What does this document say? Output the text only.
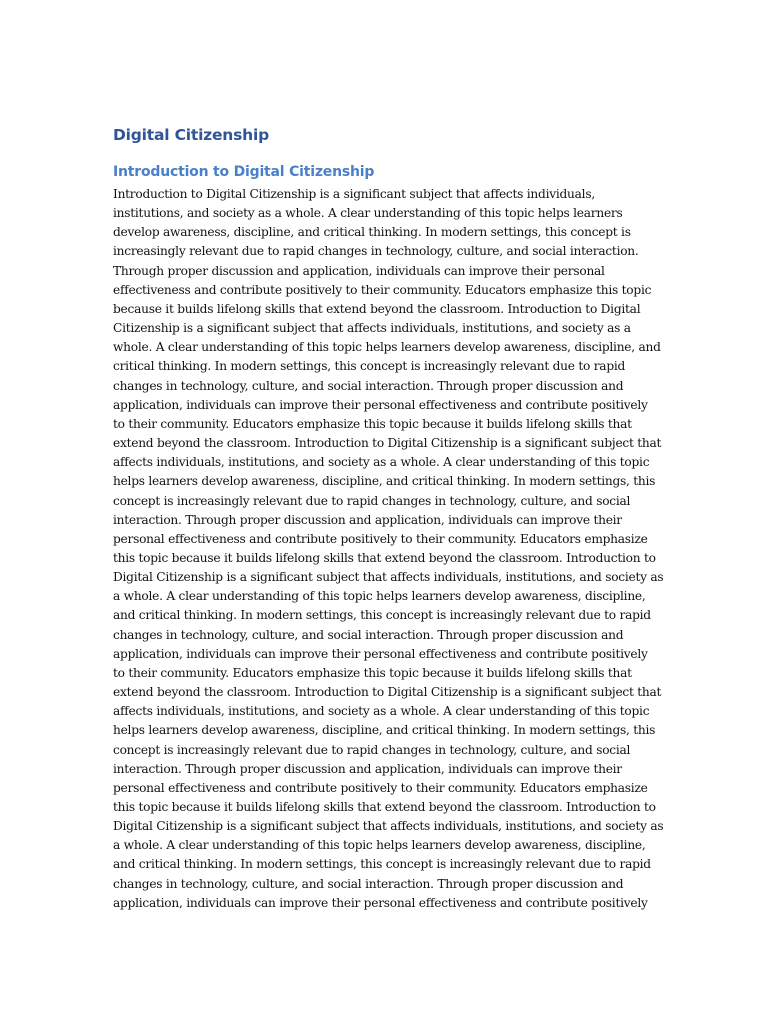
Digital Citizenship
Introduction to Digital Citizenship

Introduction to Digital Citizenship is a significant subject that affects individuals,
institutions, and society as a whole. A clear understanding of this topic helps learners
develop awareness, discipline, and critical thinking. In modern settings, this concept is
increasingly relevant due to rapid changes in technology, culture, and social interaction.
Through proper discussion and application, individuals can improve their personal
effectiveness and contribute positively to their community. Educators emphasize this topic
because it builds lifelong skills that extend beyond the classroom. Introduction to Digital
Citizenship is a significant subject that affects individuals, institutions, and society as a
whole. A clear understanding of this topic helps learners develop awareness, discipline, and
critical thinking. In modern settings, this concept is increasingly relevant due to rapid
changes in technology, culture, and social interaction. Through proper discussion and
application, individuals can improve their personal effectiveness and contribute positively
to their community. Educators emphasize this topic because it builds lifelong skills that
extend beyond the classroom. Introduction to Digital Citizenship is a significant subject that
affects individuals, institutions, and society as a whole. A clear understanding of this topic
helps learners develop awareness, discipline, and critical thinking. In modern settings, this
concept is increasingly relevant due to rapid changes in technology, culture, and social
interaction. Through proper discussion and application, individuals can improve their
personal effectiveness and contribute positively to their community. Educators emphasize
this topic because it builds lifelong skills that extend beyond the classroom. Introduction to
Digital Citizenship is a significant subject that affects individuals, institutions, and society as
a whole. A clear understanding of this topic helps learners develop awareness, discipline,
and critical thinking. In modern settings, this concept is increasingly relevant due to rapid
changes in technology, culture, and social interaction. Through proper discussion and
application, individuals can improve their personal effectiveness and contribute positively
to their community. Educators emphasize this topic because it builds lifelong skills that
extend beyond the classroom. Introduction to Digital Citizenship is a significant subject that
affects individuals, institutions, and society as a whole. A clear understanding of this topic
helps learners develop awareness, discipline, and critical thinking. In modern settings, this
concept is increasingly relevant due to rapid changes in technology, culture, and social
interaction. Through proper discussion and application, individuals can improve their
personal effectiveness and contribute positively to their community. Educators emphasize
this topic because it builds lifelong skills that extend beyond the classroom. Introduction to
Digital Citizenship is a significant subject that affects individuals, institutions, and society as
a whole. A clear understanding of this topic helps learners develop awareness, discipline,
and critical thinking. In modern settings, this concept is increasingly relevant due to rapid
changes in technology, culture, and social interaction. Through proper discussion and
application, individuals can improve their personal effectiveness and contribute positively
